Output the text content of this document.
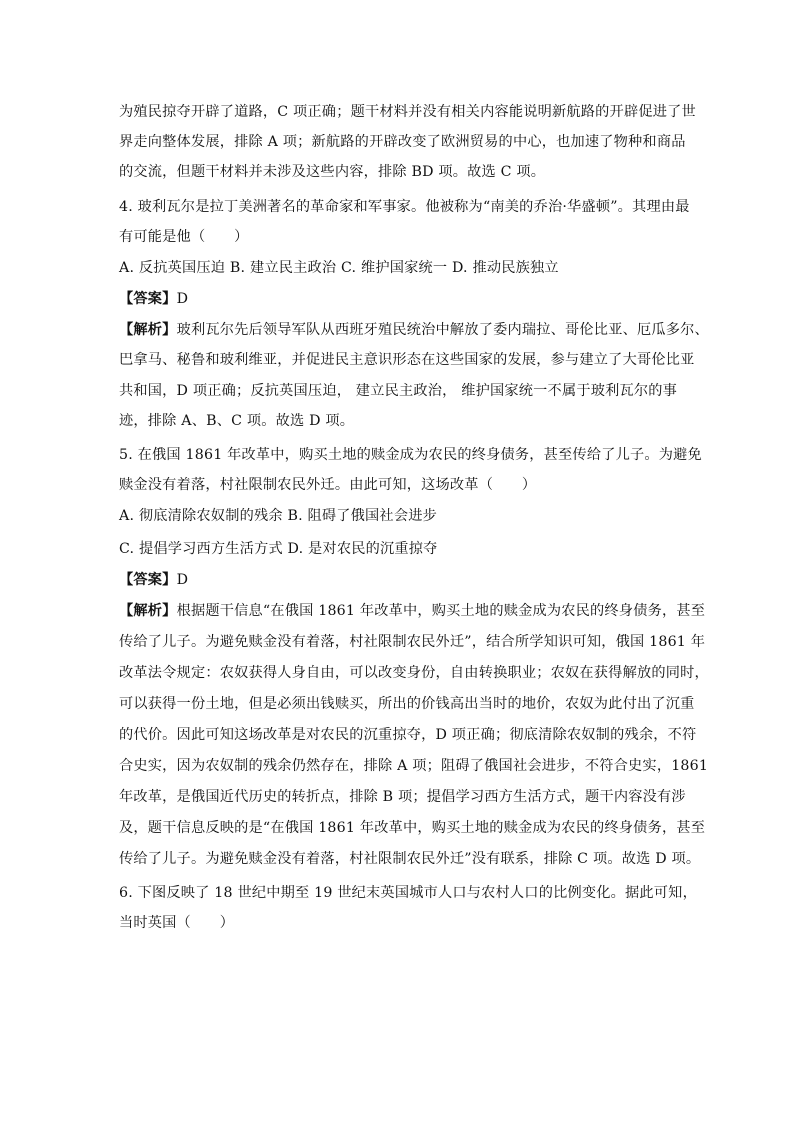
为殖民掠夺开辟了道路，C 项正确；题干材料并没有相关内容能说明新航路的开辟促进了世
界走向整体发展，排除 A 项；新航路的开辟改变了欧洲贸易的中心，也加速了物种和商品
的交流，但题干材料并未涉及这些内容，排除 BD 项。故选 C 项。
4. 玻利瓦尔是拉丁美洲著名的革命家和军事家。他被称为“南美的乔治·华盛顿”。其理由最
有可能是他（　　）
A. 反抗英国压迫 B. 建立民主政治 C. 维护国家统一 D. 推动民族独立
【答案】D
【解析】玻利瓦尔先后领导军队从西班牙殖民统治中解放了委内瑞拉、哥伦比亚、厄瓜多尔、
巴拿马、秘鲁和玻利维亚，并促进民主意识形态在这些国家的发展，参与建立了大哥伦比亚
共和国，D 项正确；反抗英国压迫， 建立民主政治， 维护国家统一不属于玻利瓦尔的事
迹，排除 A、B、C 项。故选 D 项。
5. 在俄国 1861 年改革中，购买土地的赎金成为农民的终身债务，甚至传给了儿子。为避免
赎金没有着落，村社限制农民外迁。由此可知，这场改革（　　）
A. 彻底清除农奴制的残余 B. 阻碍了俄国社会进步
C. 提倡学习西方生活方式 D. 是对农民的沉重掠夺
【答案】D
【解析】根据题干信息“在俄国 1861 年改革中，购买土地的赎金成为农民的终身债务，甚至
传给了儿子。为避免赎金没有着落，村社限制农民外迁”，结合所学知识可知，俄国 1861 年
改革法令规定：农奴获得人身自由，可以改变身份，自由转换职业；农奴在获得解放的同时，
可以获得一份土地，但是必须出钱赎买，所出的价钱高出当时的地价，农奴为此付出了沉重
的代价。因此可知这场改革是对农民的沉重掠夺，D 项正确；彻底清除农奴制的残余，不符
合史实，因为农奴制的残余仍然存在，排除 A 项；阻碍了俄国社会进步，不符合史实，1861
年改革，是俄国近代历史的转折点，排除 B 项；提倡学习西方生活方式，题干内容没有涉
及，题干信息反映的是“在俄国 1861 年改革中，购买土地的赎金成为农民的终身债务，甚至
传给了儿子。为避免赎金没有着落，村社限制农民外迁”没有联系，排除 C 项。故选 D 项。
6. 下图反映了 18 世纪中期至 19 世纪末英国城市人口与农村人口的比例变化。据此可知，
当时英国（　　）
